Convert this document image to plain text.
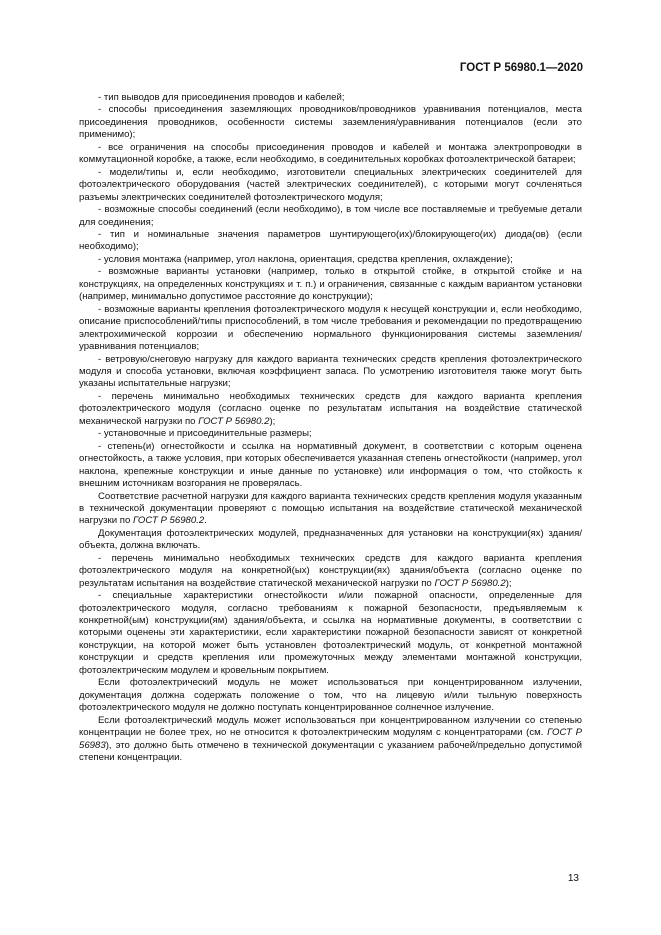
ГОСТ Р 56980.1—2020

- тип выводов для присоединения проводов и кабелей;

- способы присоединения заземляющих проводников/проводников уравнивания потенциалов, места присоединения проводников, особенности системы заземления/уравнивания потенциалов (если это применимо);

- все ограничения на способы присоединения проводов и кабелей и монтажа электропроводки в коммутационной коробке, а также, если необходимо, в соединительных коробках фотоэлектрической батареи;

- модели/типы и, если необходимо, изготовители специальных электрических соединителей для фотоэлектрического оборудования (частей электрических соединителей), с которыми могут сочленяться разъемы электрических соединителей фотоэлектрического модуля;

- возможные способы соединений (если необходимо), в том числе все поставляемые и требуемые детали для соединения;

- тип и номинальные значения параметров шунтирующего(их)/блокирующего(их) диода(ов) (если необходимо);

- условия монтажа (например, угол наклона, ориентация, средства крепления, охлаждение);

- возможные варианты установки (например, только в открытой стойке, в открытой стойке и на конструкциях, на определенных конструкциях и т. п.) и ограничения, связанные с каждым вариантом установки (например, минимально допустимое расстояние до конструкции);

- возможные варианты крепления фотоэлектрического модуля к несущей конструкции и, если необходимо, описание приспособлений/типы приспособлений, в том числе требования и рекомендации по предотвращению электрохимической коррозии и обеспечению нормального функционирования системы заземления/уравнивания потенциалов;

- ветровую/снеговую нагрузку для каждого варианта технических средств крепления фотоэлектрического модуля и способа установки, включая коэффициент запаса. По усмотрению изготовителя также могут быть указаны испытательные нагрузки;

- перечень минимально необходимых технических средств для каждого варианта крепления фотоэлектрического модуля (согласно оценке по результатам испытания на воздействие статической механической нагрузки по ГОСТ Р 56980.2);

- установочные и присоединительные размеры;

- степень(и) огнестойкости и ссылка на нормативный документ, в соответствии с которым оценена огнестойкость, а также условия, при которых обеспечивается указанная степень огнестойкости (например, угол наклона, крепежные конструкции и иные данные по установке) или информация о том, что стойкость к внешним источникам возгорания не проверялась.

Соответствие расчетной нагрузки для каждого варианта технических средств крепления модуля указанным в технической документации проверяют с помощью испытания на воздействие статической механической нагрузки по ГОСТ Р 56980.2.

Документация фотоэлектрических модулей, предназначенных для установки на конструкции(ях) здания/объекта, должна включать.

- перечень минимально необходимых технических средств для каждого варианта крепления фотоэлектрического модуля на конкретной(ых) конструкции(ях) здания/объекта (согласно оценке по результатам испытания на воздействие статической механической нагрузки по ГОСТ Р 56980.2);

- специальные характеристики огнестойкости и/или пожарной опасности, определенные для фотоэлектрического модуля, согласно требованиям к пожарной безопасности, предъявляемым к конкретной(ым) конструкции(ям) здания/объекта, и ссылка на нормативные документы, в соответствии с которыми оценены эти характеристики, если характеристики пожарной безопасности зависят от конкретной конструкции, на которой может быть установлен фотоэлектрический модуль, от конкретной монтажной конструкции и средств крепления или промежуточных между элементами монтажной конструкции, фотоэлектрическим модулем и кровельным покрытием.

Если фотоэлектрический модуль не может использоваться при концентрированном излучении, документация должна содержать положение о том, что на лицевую и/или тыльную поверхность фотоэлектрического модуля не должно поступать концентрированное солнечное излучение.

Если фотоэлектрический модуль может использоваться при концентрированном излучении со степенью концентрации не более трех, но не относится к фотоэлектрическим модулям с концентраторами (см. ГОСТ Р 56983), это должно быть отмечено в технической документации с указанием рабочей/предельно допустимой степени концентрации.

13
